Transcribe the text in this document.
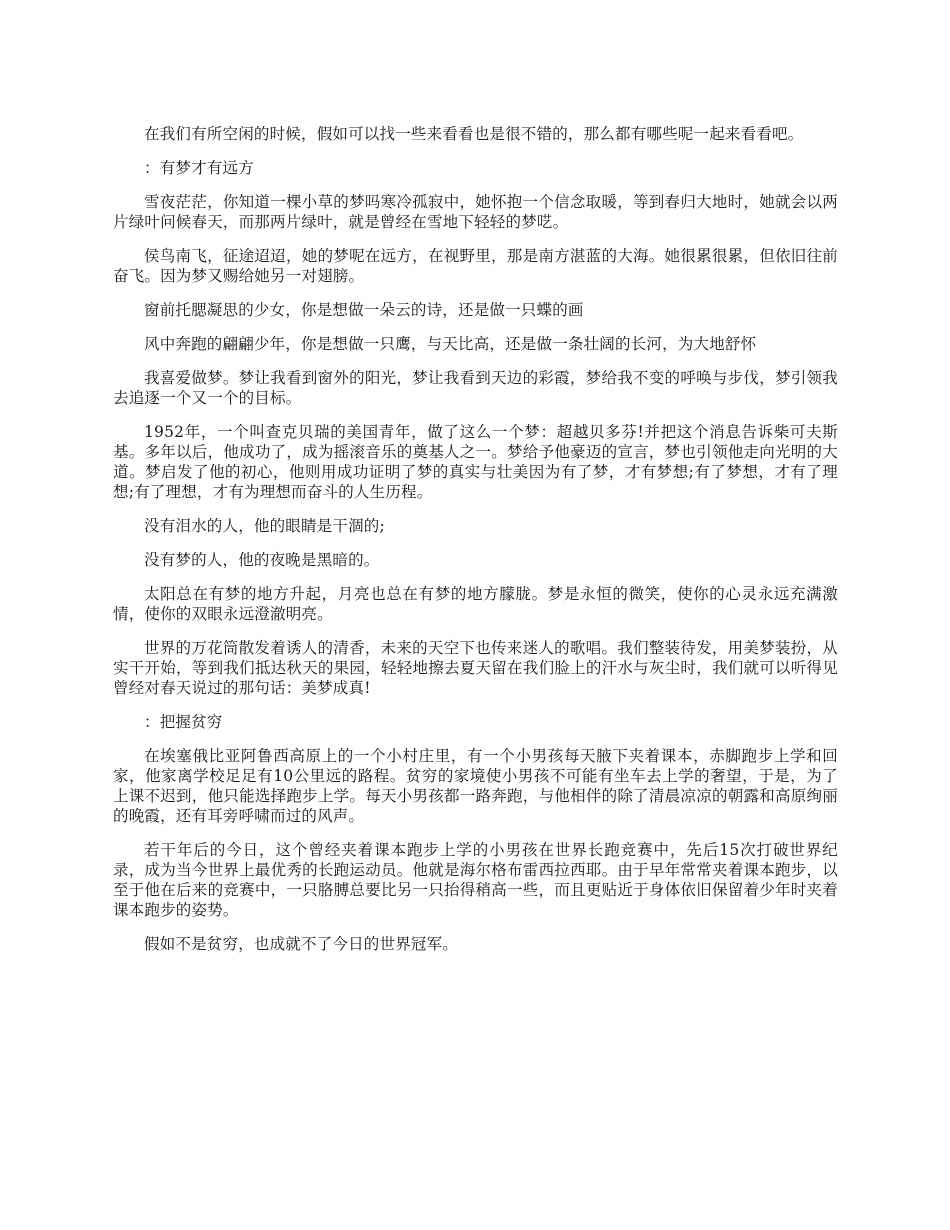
在我们有所空闲的时候，假如可以找一些来看看也是很不错的，那么都有哪些呢一起来看看吧。

：有梦才有远方

雪夜茫茫，你知道一棵小草的梦吗寒冷孤寂中，她怀抱一个信念取暖，等到春归大地时，她就会以两片绿叶问候春天，而那两片绿叶，就是曾经在雪地下轻轻的梦呓。

侯鸟南飞，征途迢迢，她的梦呢在远方，在视野里，那是南方湛蓝的大海。她很累很累，但依旧往前奋飞。因为梦又赐给她另一对翅膀。

窗前托腮凝思的少女，你是想做一朵云的诗，还是做一只蝶的画

风中奔跑的翩翩少年，你是想做一只鹰，与天比高，还是做一条壮阔的长河，为大地舒怀

我喜爱做梦。梦让我看到窗外的阳光，梦让我看到天边的彩霞，梦给我不变的呼唤与步伐，梦引领我去追逐一个又一个的目标。

1952年，一个叫查克贝瑞的美国青年，做了这么一个梦：超越贝多芬!并把这个消息告诉柴可夫斯基。多年以后，他成功了，成为摇滚音乐的奠基人之一。梦给予他豪迈的宣言，梦也引领他走向光明的大道。梦启发了他的初心，他则用成功证明了梦的真实与壮美因为有了梦，才有梦想;有了梦想，才有了理想;有了理想，才有为理想而奋斗的人生历程。

没有泪水的人，他的眼睛是干涸的;

没有梦的人，他的夜晚是黑暗的。

太阳总在有梦的地方升起，月亮也总在有梦的地方朦胧。梦是永恒的微笑，使你的心灵永远充满激情，使你的双眼永远澄澈明亮。

世界的万花筒散发着诱人的清香，未来的天空下也传来迷人的歌唱。我们整装待发，用美梦装扮，从实干开始，等到我们抵达秋天的果园，轻轻地擦去夏天留在我们脸上的汗水与灰尘时，我们就可以听得见曾经对春天说过的那句话：美梦成真!

：把握贫穷

在埃塞俄比亚阿鲁西高原上的一个小村庄里，有一个小男孩每天腋下夹着课本，赤脚跑步上学和回家，他家离学校足足有10公里远的路程。贫穷的家境使小男孩不可能有坐车去上学的奢望，于是，为了上课不迟到，他只能选择跑步上学。每天小男孩都一路奔跑，与他相伴的除了清晨凉凉的朝露和高原绚丽的晚霞，还有耳旁呼啸而过的风声。

若干年后的今日，这个曾经夹着课本跑步上学的小男孩在世界长跑竞赛中，先后15次打破世界纪录，成为当今世界上最优秀的长跑运动员。他就是海尔格布雷西拉西耶。由于早年常常夹着课本跑步，以至于他在后来的竞赛中，一只胳膊总要比另一只抬得稍高一些，而且更贴近于身体依旧保留着少年时夹着课本跑步的姿势。

假如不是贫穷，也成就不了今日的世界冠军。
